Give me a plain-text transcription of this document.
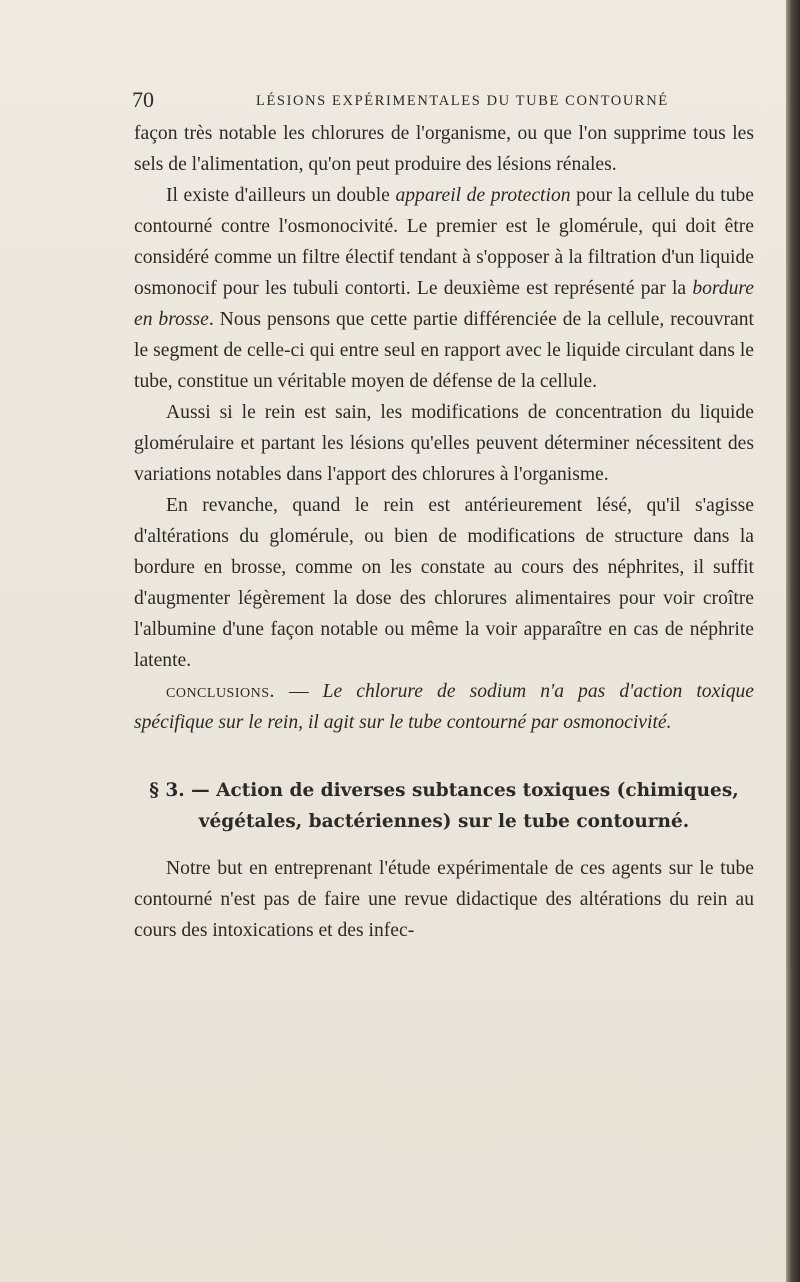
70	LÉSIONS EXPÉRIMENTALES DU TUBE CONTOURNÉ

façon très notable les chlorures de l'organisme, ou que l'on supprime tous les sels de l'alimentation, qu'on peut produire des lésions rénales.

Il existe d'ailleurs un double appareil de protection pour la cellule du tube contourné contre l'osmonocivité. Le premier est le glomérule, qui doit être considéré comme un filtre électif tendant à s'opposer à la filtration d'un liquide osmonocif pour les tubuli contorti. Le deuxième est représenté par la bordure en brosse. Nous pensons que cette partie différenciée de la cellule, recouvrant le segment de celle-ci qui entre seul en rapport avec le liquide circulant dans le tube, constitue un véritable moyen de défense de la cellule.

Aussi si le rein est sain, les modifications de concentration du liquide glomérulaire et partant les lésions qu'elles peuvent déterminer nécessitent des variations notables dans l'apport des chlorures à l'organisme.

En revanche, quand le rein est antérieurement lésé, qu'il s'agisse d'altérations du glomérule, ou bien de modifications de structure dans la bordure en brosse, comme on les constate au cours des néphrites, il suffit d'augmenter légèrement la dose des chlorures alimentaires pour voir croître l'albumine d'une façon notable ou même la voir apparaître en cas de néphrite latente.

conclusions. — Le chlorure de sodium n'a pas d'action toxique spécifique sur le rein, il agit sur le tube contourné par osmonocivité.

§ 3. — Action de diverses subtances toxiques (chimiques, végétales, bactériennes) sur le tube contourné.

Notre but en entreprenant l'étude expérimentale de ces agents sur le tube contourné n'est pas de faire une revue didactique des altérations du rein au cours des intoxications et des infec-
